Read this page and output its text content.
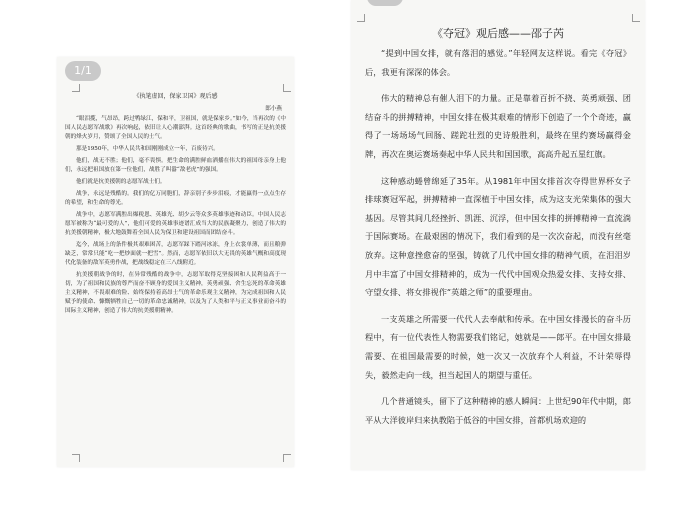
1/1
《执笔虚回，保家卫国》观后感
郎小燕

“眼泪揽，气昂昂，跨过鸭绿江，保和平，卫祖国，就是保家乡。”如今，当再次的《中国人民志愿军战歌》再次响起，依旧让人心潮澎湃。这首经典的歌曲，书写的正是抗美援朝的烽火岁月，赞颂了全国人民的士气。

那是1950年，中华人民共和国刚刚成立一年，百废待兴。

他们，战无不胜；他们，毫不畏惧。把生命的满腔鲜血洒播在伟大的祖国母亲身上他们，永远把祖国放在第一位他们，战胜了叫嚣“敌老虎”的强国。

他们就是抗美援朝的志愿军战士们。

战争，永远是残酷的。我们的亿万同胞们，辞亲别子步步泪痕，才能赢得一点点生存的希望，和生命的尊光。

战争中，志愿军满腔出爆税恩、英雄光、胡少云等众多英雄事迹和动臣。中国人民志愿军被称为“最可爱的人”，他们可爱的英雄事迹谱汇成当大的民族凝聚力，创造了伟大的抗美援朝精神，极大地鼓舞着全国人民为保卫和建设祖国而团结奋斗。

迄今，战场上的条件极其艰难困苦，志愿军踩下踏河冰冻，身上衣裳单薄，而且粮弹缺乏，常常只能“吃一把炒面就一把雪”。然而，志愿军依旧以大无畏的英雄气概和高度现代化装备的敌军英勇作战，把战线稳定在三八线附近。

抗美援朝战争的时，在异常残酷的战争中，志愿军取得克坚接困和人民利益高于一切，为了祖国和民族的尊严而奋不顾身的爱国主义精神，英勇顽强、舍生忘死的革命英雄主义精神，不畏艰难的险、始终保持着高昂士气的革命乐观主义精神，为完成祖国和人民赋予的使命、慷慨牺牲自己一切的革命忠诚精神，以及为了人类和平与正义事业而奋斗的国际主义精神，创造了伟大的抗美援朝精神。

《夺冠》观后感——邵子芮

“提到中国女排，就有落泪的感觉。”年轻网友这样说。看完《夺冠》后，我更有深深的体会。

伟大的精神总有催人泪下的力量。正是靠着百折不挠、英勇顽强、团结奋斗的拼搏精神，中国女排在极其艰难的情形下创造了一个个奇迹，赢得了一场场场气回肠、蹉跎壮烈的史诗般胜利，最终在里约赛场赢得金牌，再次在奥运赛场奏起中华人民共和国国歌，高高升起五星红旗。

这种感动蜷曾绵延了35年。从1981年中国女排首次夺得世界杯女子排球赛冠军起，拼搏精神一直深植于中国女排，成为这支光荣集体的强大基因。尽管其间几经挫折、凯涯、沉浮，但中国女排的拼搏精神一直流淌于国际赛场。在最艰困的情况下，我们看到的是一次次奋起，而没有丝毫放弃。这种意挫愈奋的坚强，铸就了几代中国女排的精神气质，在泪泪岁月中丰富了中国女排精神的，成为一代代中国观众热爱女排、支持女排、守望女排、将女排视作“英雄之师”的重要理由。

一支英雄之所需要一代代人去奉献和传承。在中国女排漫长的奋斗历程中，有一位代表性人物需要我们铭记，她就是——郎平。在中国女排最需要、在祖国最需要的时候，她一次又一次放弃个人利益，不计荣辱得失，毅然走向一线，担当起国人的期望与重任。

几个普通镜头，留下了这种精神的感人瞬间：上世纪90年代中期，郎平从大洋彼岸归来执教陷于低谷的中国女排，首都机场欢迎的
